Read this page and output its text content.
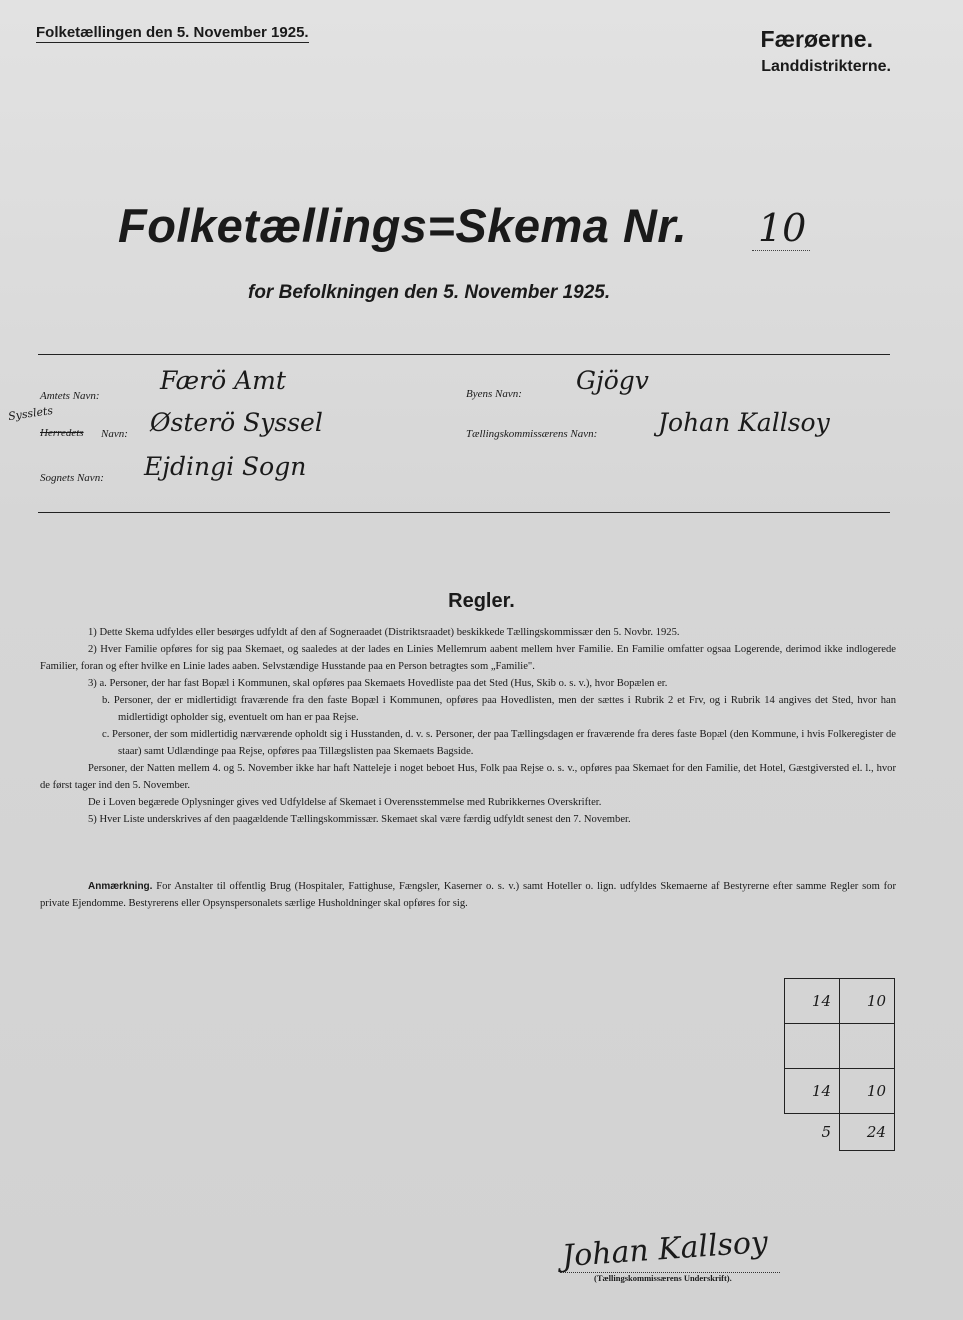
Folketællingen den 5. November 1925.	Færøerne.
Landdistrikterne.
Folketællings=Skema Nr. 10
for Befolkningen den 5. November 1925.
Amtets Navn:
Færö Amt
Sysslets
Herredets Navn: Østerö Syssel
Sognets Navn: Ejdingi Sogn
Byens Navn: Gjögv
Tællingskommissærens Navn: Johan Kallsoy
Regler.

1) Dette Skema udfyldes eller besørges udfyldt af den af Sogneraadet (Distriktsraadet) beskikkede Tællingskommissær den 5. Novbr. 1925.

2) Hver Familie opføres for sig paa Skemaet, og saaledes at der lades en Linies Mellemrum aabent mellem hver Familie. En Familie omfatter ogsaa Logerende, derimod ikke indlogerede Familier, foran og efter hvilke en Linie lades aaben. Selvstændige Husstande paa en Person betragtes som „Familie".

3) a. Personer, der har fast Bopæl i Kommunen, skal opføres paa Skemaets Hovedliste paa det Sted (Hus, Skib o. s. v.), hvor Bopælen er.

b. Personer, der er midlertidigt fraværende fra den faste Bopæl i Kommunen, opføres paa Hovedlisten, men der sættes i Rubrik 2 et Frv, og i Rubrik 14 angives det Sted, hvor han midlertidigt opholder sig, eventuelt om han er paa Rejse.

c. Personer, der som midlertidig nærværende opholdt sig i Husstanden, d. v. s. Personer, der paa Tællingsdagen er fraværende fra deres faste Bopæl (den Kommune, i hvis Folkeregister de staar) samt Udlændinge paa Rejse, opføres paa Tillægslisten paa Skemaets Bagside.

Personer, der Natten mellem 4. og 5. November ikke har haft Natteleje i noget beboet Hus, Folk paa Rejse o. s. v., opføres paa Skemaet for den Familie, det Hotel, Gæstgiversted el. l., hvor de først tager ind den 5. November.

De i Loven begærede Oplysninger gives ved Udfyldelse af Skemaet i Overensstemmelse med Rubrikkernes Overskrifter.

5) Hver Liste underskrives af den paagældende Tællingskommissær. Skemaet skal være færdig udfyldt senest den 7. November.

Anmærkning. For Anstalter til offentlig Brug (Hospitaler, Fattighuse, Fængsler, Kaserner o. s. v.) samt Hoteller o. lign. udfyldes Skemaerne af Bestyrerne efter samme Regler som for private Ejendomme. Bestyrerens eller Opsynspersonalets særlige Husholdninger skal opføres for sig.
14	10

14	10
5	24
Johan Kallsoy
(Tællingskommissærens Underskrift).
